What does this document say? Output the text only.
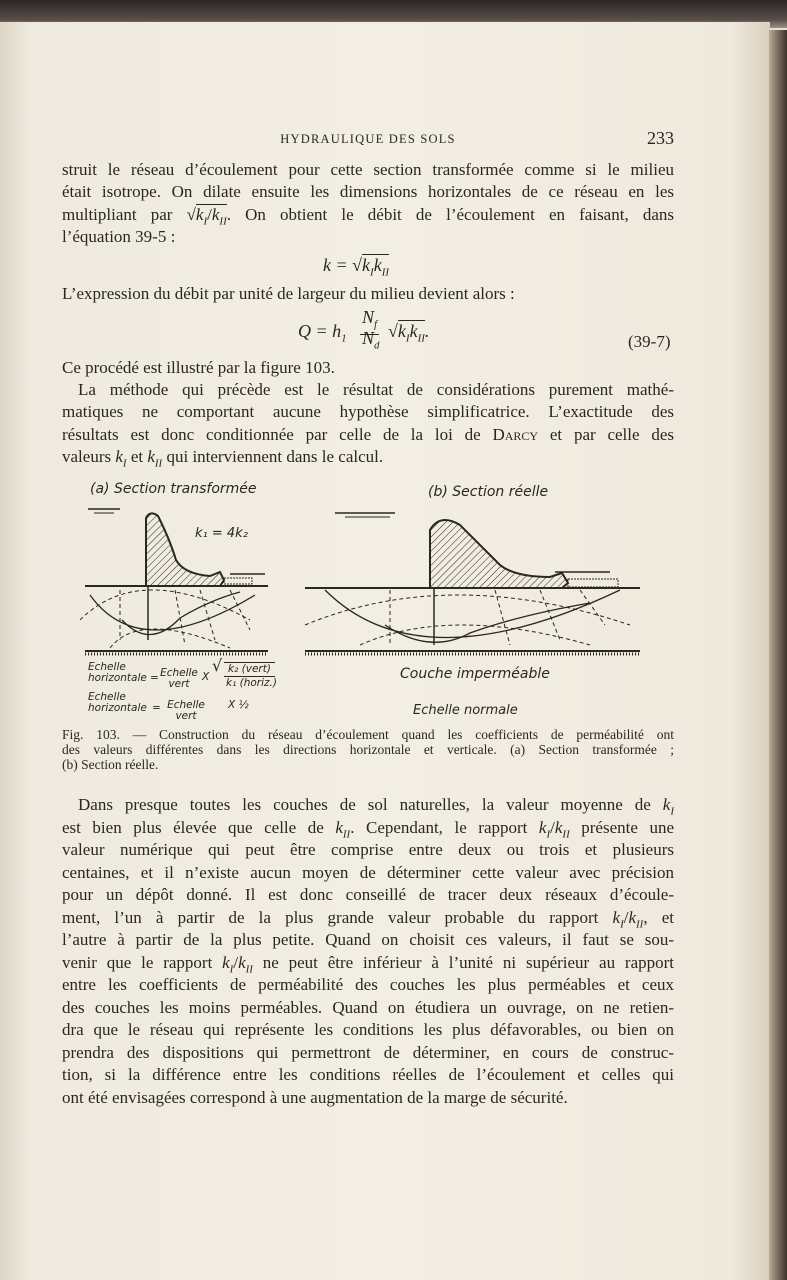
HYDRAULIQUE DES SOLS	233
struit le réseau d’écoulement pour cette section transformée comme si le milieu
était isotrope. On dilate ensuite les dimensions horizontales de ce réseau en les
multipliant par $√k_I/k_{II}$. On obtient le débit de l’écoulement en faisant, dans
l’équation 39-5 :
$k = √k_Ik_{II}$
L’expression du débit par unité de largeur du milieu devient alors :
$Q = h_1$
$N_f$
$N_d$
$√k_Ik_{II}$.
(39-7)
Ce procédé est illustré par la figure 103.
La méthode qui précède est le résultat de considérations purement mathé-
matiques ne comportant aucune hypothèse simplificatrice. L’exactitude des
résultats est donc conditionnée par celle de la loi de Darcy et par celle des
valeurs $k_I$ et $k_{II}$ qui interviennent dans le calcul.
(a) Section transformée	(b) Section réelle
k₁ = 4k₂
Echelle horizontale = Echelle vert
X
√ k₂ (vert)
k₁ (horiz.)
Echelle horizontale = Echelle vert
X ½
Couche imperméable
Echelle normale
Fig. 103. — Construction du réseau d’écoulement quand les coefficients de perméabilité ont
des valeurs différentes dans les directions horizontale et verticale. (a) Section transformée ;
(b) Section réelle.
Dans presque toutes les couches de sol naturelles, la valeur moyenne de $k_I$
est bien plus élevée que celle de $k_{II}$. Cependant, le rapport $k_I/k_{II}$ présente une
valeur numérique qui peut être comprise entre deux ou trois et plusieurs
centaines, et il n’existe aucun moyen de déterminer cette valeur avec précision
pour un dépôt donné. Il est donc conseillé de tracer deux réseaux d’écoule-
ment, l’un à partir de la plus grande valeur probable du rapport $k_I/k_{II}$, et
l’autre à partir de la plus petite. Quand on choisit ces valeurs, il faut se sou-
venir que le rapport $k_I/k_{II}$ ne peut être inférieur à l’unité ni supérieur au rapport
entre les coefficients de perméabilité des couches les plus perméables et ceux
des couches les moins perméables. Quand on étudiera un ouvrage, on ne retien-
dra que le réseau qui représente les conditions les plus défavorables, ou bien on
prendra des dispositions qui permettront de déterminer, en cours de construc-
tion, si la différence entre les conditions réelles de l’écoulement et celles qui
ont été envisagées correspond à une augmentation de la marge de sécurité.
